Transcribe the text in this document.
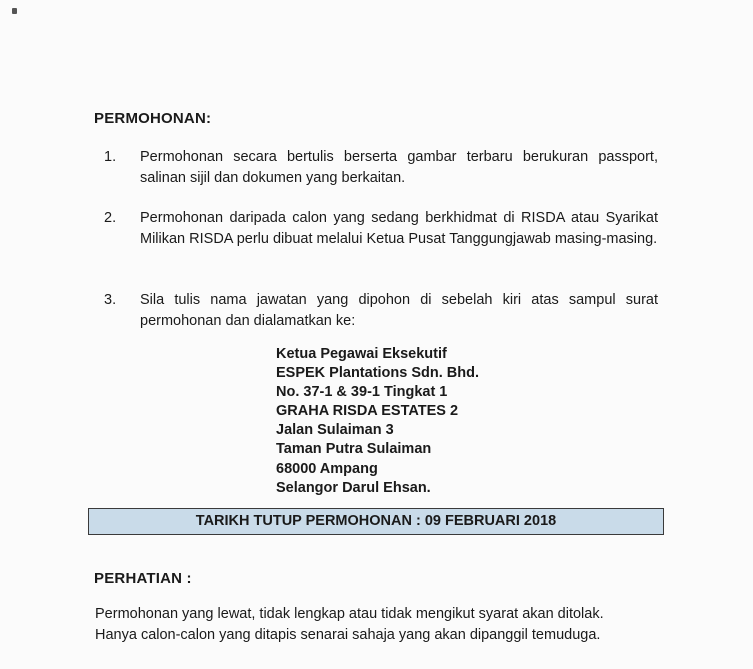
PERMOHONAN:
1. Permohonan secara bertulis berserta gambar terbaru berukuran passport, salinan sijil dan dokumen yang berkaitan.
2. Permohonan daripada calon yang sedang berkhidmat di RISDA atau Syarikat Milikan RISDA perlu dibuat melalui Ketua Pusat Tanggungjawab masing-masing.
3. Sila tulis nama jawatan yang dipohon di sebelah kiri atas sampul surat permohonan dan dialamatkan ke:
Ketua Pegawai Eksekutif
ESPEK Plantations Sdn. Bhd.
No. 37-1 & 39-1 Tingkat 1
GRAHA RISDA ESTATES 2
Jalan Sulaiman 3
Taman Putra Sulaiman
68000 Ampang
Selangor Darul Ehsan.
TARIKH TUTUP PERMOHONAN : 09 FEBRUARI 2018
PERHATIAN :
Permohonan yang lewat, tidak lengkap atau tidak mengikut syarat akan ditolak.
Hanya calon-calon yang ditapis senarai sahaja yang akan dipanggil temuduga.
